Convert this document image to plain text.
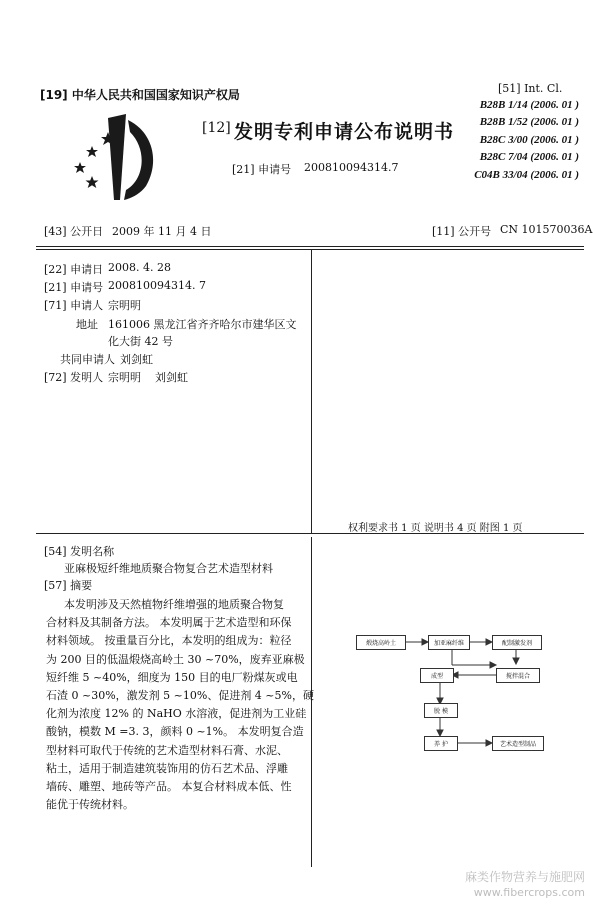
[19] 中华人民共和国国家知识产权局
[12] 发明专利申请公布说明书
[21] 申请号 200810094314.7
[51] Int. Cl.
B28B 1/14 (2006. 01 )
B28B 1/52 (2006. 01 )
B28C 3/00 (2006. 01 )
B28C 7/04 (2006. 01 )
C04B 33/04 (2006. 01 )
[43] 公开日 2009 年 11 月 4 日	[11] 公开号 CN 101570036A
[22] 申请日 2008. 4. 28
[21] 申请号 200810094314. 7
[71] 申请人 宗明明
地址 161006 黑龙江省齐齐哈尔市建华区文
化大街 42 号
共同申请人 刘剑虹
[72] 发明人 宗明明    刘剑虹
权利要求书 1 页 说明书 4 页 附图 1 页
[54] 发明名称
亚麻极短纤维地质聚合物复合艺术造型材料
[57] 摘要

本发明涉及天然植物纤维增强的地质聚合物复

合材料及其制备方法。 本发明属于艺术造型和环保

材料领域。 按重量百分比，本发明的组成为：粒径

为 200 目的低温煅烧高岭土 30 ~70%，废弃亚麻极

短纤维 5 ~40%，细度为 150 目的电厂粉煤灰或电

石渣 0 ~30%，激发剂 5 ~10%、促进剂 4 ~5%，硬

化剂为浓度 12% 的 NaHO 水溶液，促进剂为工业硅

酸钠，模数 M =3. 3，颜料 0 ~1%。 本发明复合造

型材料可取代于传统的艺术造型材料石膏、水泥、

粘土，适用于制造建筑装饰用的仿石艺术品、浮雕

墙砖、雕塑、地砖等产品。 本复合材料成本低、性

能优于传统材料。

煅烧高岭土	加亚麻纤维	配制激发剂
成型	搅拌混合
脱 模
养 护	艺术造型制品
麻类作物营养与施肥网
www.fibercrops.com
